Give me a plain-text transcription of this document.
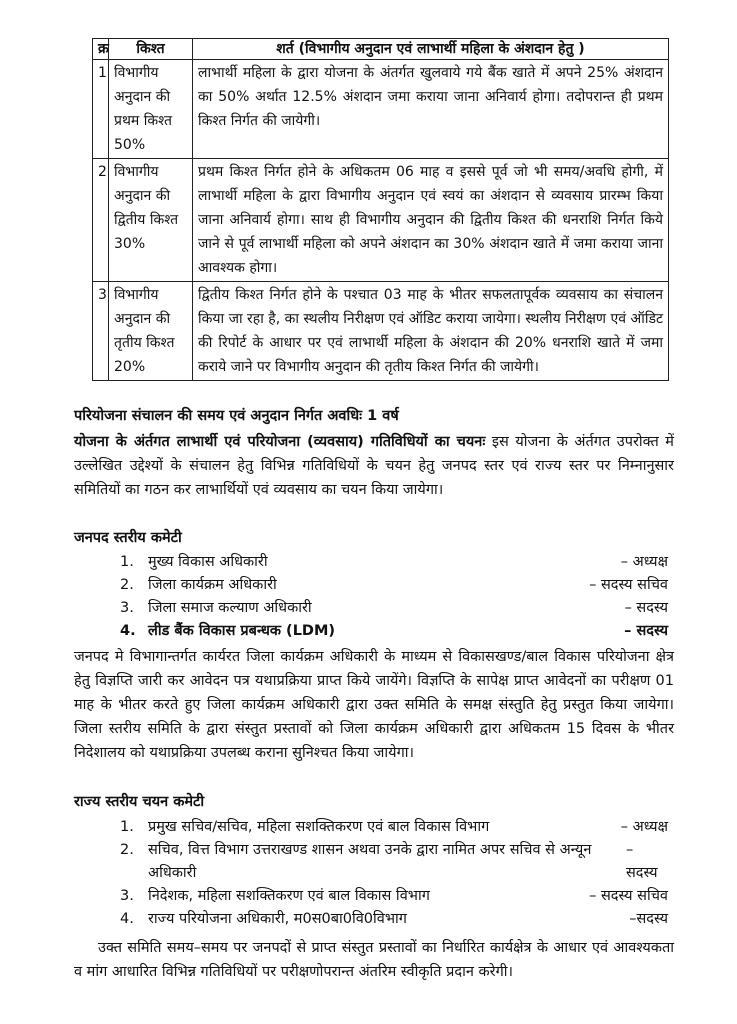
क्र	किश्त	शर्त (विभागीय अनुदान एवं लाभार्थी महिला के अंशदान हेतु )
1	विभागीय अनुदान की प्रथम किश्त 50%	लाभार्थी महिला के द्वारा योजना के अंतर्गत खुलवाये गये बैंक खाते में अपने 25% अंशदान का 50% अर्थात 12.5% अंशदान जमा कराया जाना अनिवार्य होगा। तदोपरान्त ही प्रथम किश्त निर्गत की जायेगी।
2	विभागीय अनुदान की द्वितीय किश्त 30%	प्रथम किश्त निर्गत होने के अधिकतम 06 माह व इससे पूर्व जो भी समय/अवधि होगी, में लाभार्थी महिला के द्वारा विभागीय अनुदान एवं स्वयं का अंशदान से व्यवसाय प्रारम्भ किया जाना अनिवार्य होगा। साथ ही विभागीय अनुदान की द्वितीय किश्त की धनराशि निर्गत किये जाने से पूर्व लाभार्थी महिला को अपने अंशदान का 30% अंशदान खाते में जमा कराया जाना आवश्यक होगा।
3	विभागीय अनुदान की तृतीय किश्त 20%	द्वितीय किश्त निर्गत होने के पश्चात 03 माह के भीतर सफलतापूर्वक व्यवसाय का संचालन किया जा रहा है, का स्थलीय निरीक्षण एवं ऑडिट कराया जायेगा। स्थलीय निरीक्षण एवं ऑडिट की रिपोर्ट के आधार पर एवं लाभार्थी महिला के अंशदान की 20% धनराशि खाते में जमा कराये जाने पर विभागीय अनुदान की तृतीय किश्त निर्गत की जायेगी।
परियोजना संचालन की समय एवं अनुदान निर्गत अवधिः 1 वर्ष
योजना के अंर्तगत लाभार्थी एवं परियोजना (व्यवसाय) गतिविधियों का चयनः इस योजना के अंर्तगत उपरोक्त में उल्लेखित उद्देश्यों के संचालन हेतु विभिन्न गतिविधियों के चयन हेतु जनपद स्तर एवं राज्य स्तर पर निम्नानुसार समितियों का गठन कर लाभार्थियों एवं व्यवसाय का चयन किया जायेगा।
जनपद स्तरीय कमेटी
1. मुख्य विकास अधिकारी	– अध्यक्ष
2. जिला कार्यक्रम अधिकारी	– सदस्य सचिव
3. जिला समाज कल्याण अधिकारी	– सदस्य
4. लीड बैंक विकास प्रबन्धक (LDM)	– सदस्य
जनपद मे विभागान्तर्गत कार्यरत जिला कार्यक्रम अधिकारी के माध्यम से विकासखण्ड/बाल विकास परियोजना क्षेत्र हेतु विज्ञप्ति जारी कर आवेदन पत्र यथाप्रक्रिया प्राप्त किये जायेंगे। विज्ञप्ति के सापेक्ष प्राप्त आवेदनों का परीक्षण 01 माह के भीतर करते हुए जिला कार्यक्रम अधिकारी द्वारा उक्त समिति के समक्ष संस्तुति हेतु प्रस्तुत किया जायेगा। जिला स्तरीय समिति के द्वारा संस्तुत प्रस्तावों को जिला कार्यक्रम अधिकारी द्वारा अधिकतम 15 दिवस के भीतर निदेशालय को यथाप्रक्रिया उपलब्ध कराना सुनिश्चत किया जायेगा।
राज्य स्तरीय चयन कमेटी
1. प्रमुख सचिव/सचिव, महिला सशक्तिकरण एवं बाल विकास विभाग	– अध्यक्ष
2. सचिव, वित्त विभाग उत्तराखण्ड शासन अथवा उनके द्वारा नामित अपर सचिव से अन्यून अधिकारी
– सदस्य
3. निदेशक, महिला सशक्तिकरण एवं बाल विकास विभाग	– सदस्य सचिव
4. राज्य परियोजना अधिकारी, म0स0बा0वि0विभाग	–सदस्य
उक्त समिति समय–समय पर जनपदों से प्राप्त संस्तुत प्रस्तावों का निर्धारित कार्यक्षेत्र के आधार एवं आवश्यकता व मांग आधारित विभिन्न गतिविधियों पर परीक्षणोपरान्त अंतरिम स्वीकृति प्रदान करेगी।
